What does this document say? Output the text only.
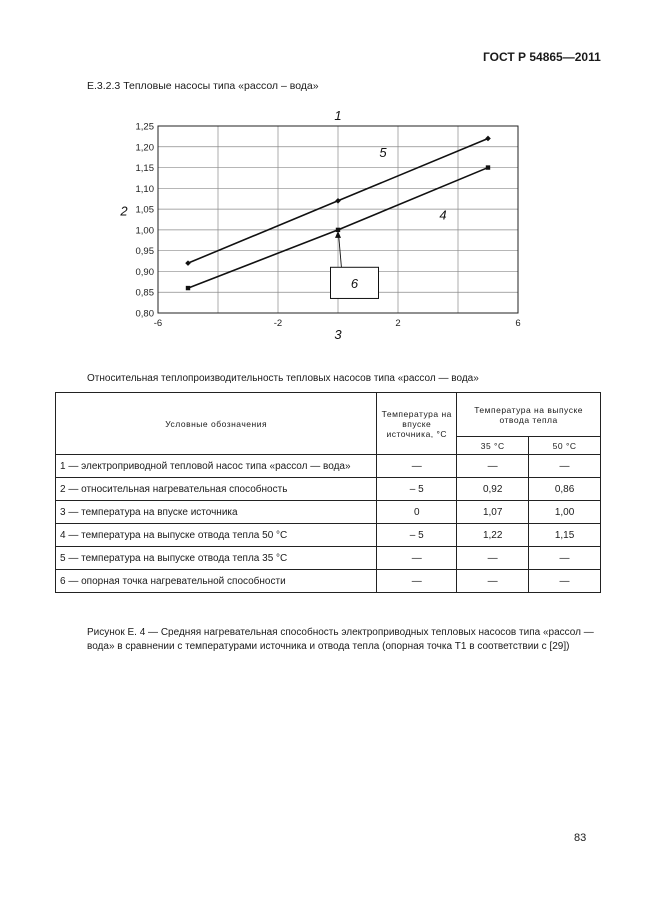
ГОСТ Р 54865—2011
Е.3.2.3 Тепловые насосы типа «рассол – вода»
0,80
0,85
0,90
0,95
1,00
1,05
1,10
1,15
1,20
1,25
-6	-2	2	6
1
2
3
5
4
6
Относительная теплопроизводительность тепловых насосов типа «рассол — вода»
Условные обозначения	Температура на впуске источника, °С	Температура на выпуске отвода тепла	
		35 °С	50 °С
1 — электроприводной тепловой насос типа «рассол — вода»	—	—	—
2 — относительная нагревательная способность	– 5	0,92	0,86
3 — температура на впуске источника	0	1,07	1,00
4 — температура на выпуске отвода тепла 50 °С	– 5	1,22	1,15
5 — температура на выпуске отвода тепла 35 °С	—	—	—
6 — опорная точка нагревательной способности	—	—	—
Рисунок Е. 4 — Средняя нагревательная способность электроприводных тепловых насосов типа «рассол — вода» в сравнении с температурами источника и отвода тепла (опорная точка Т1 в соответствии с [29])
83
